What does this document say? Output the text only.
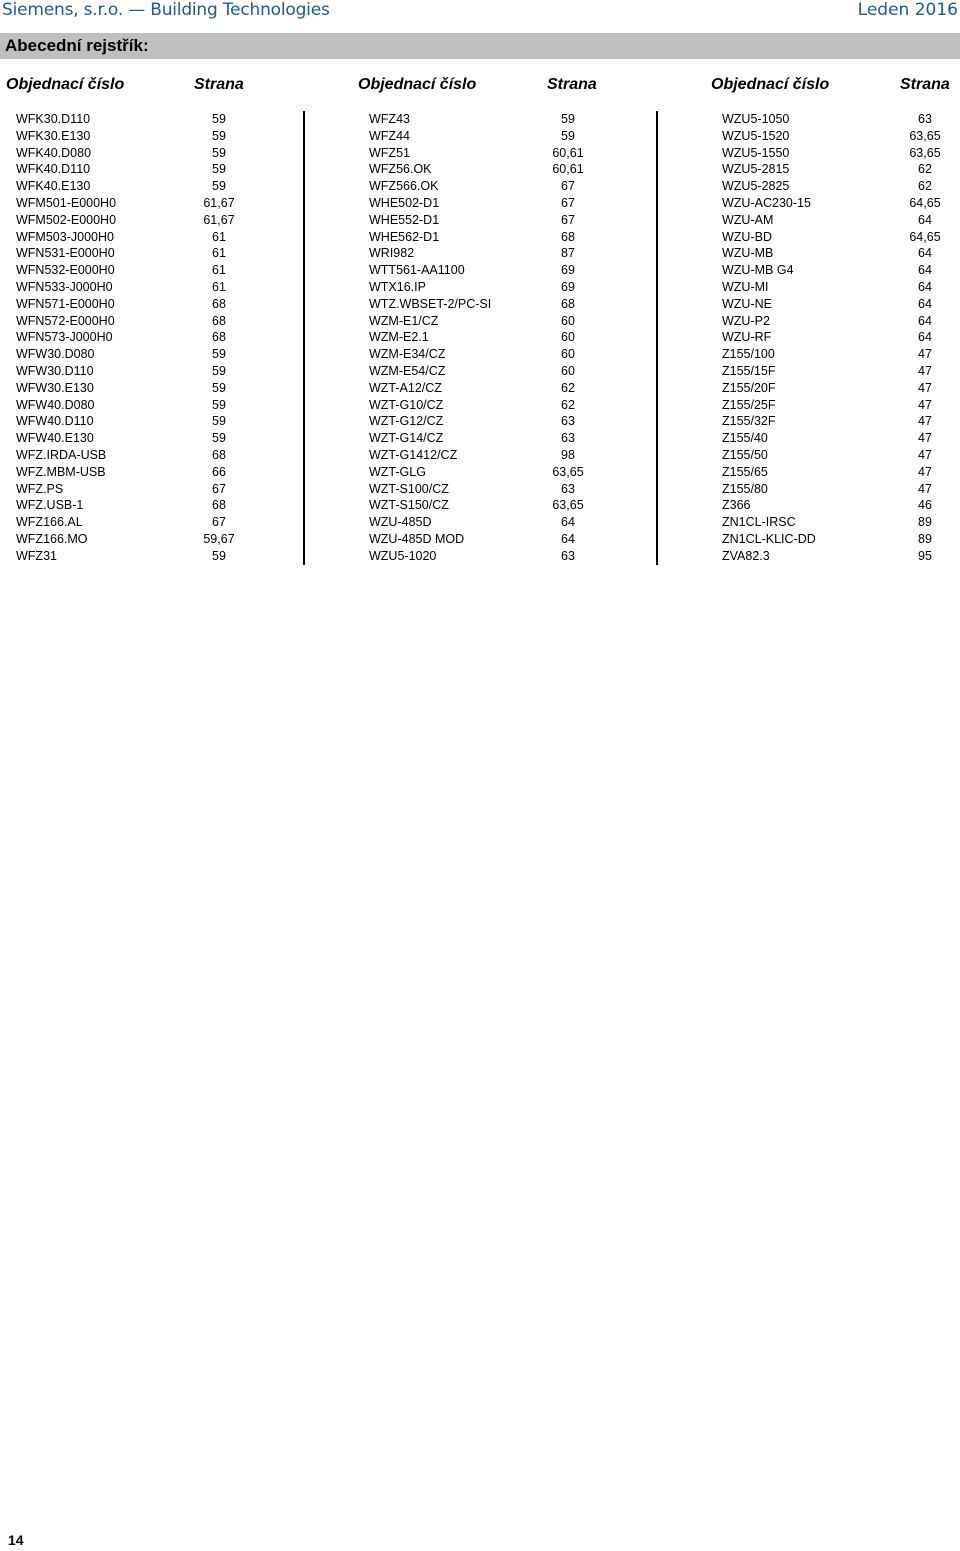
Siemens, s.r.o. — Building Technologies	Leden 2016
Abecední rejstřík:
Objednací číslo	Strana	Objednací číslo	Strana	Objednací číslo	Strana
WFK30.D110	59
WFK30.E130	59
WFK40.D080	59
WFK40.D110	59
WFK40.E130	59
WFM501-E000H0	61,67
WFM502-E000H0	61,67
WFM503-J000H0	61
WFN531-E000H0	61
WFN532-E000H0	61
WFN533-J000H0	61
WFN571-E000H0	68
WFN572-E000H0	68
WFN573-J000H0	68
WFW30.D080	59
WFW30.D110	59
WFW30.E130	59
WFW40.D080	59
WFW40.D110	59
WFW40.E130	59
WFZ.IRDA-USB	68
WFZ.MBM-USB	66
WFZ.PS	67
WFZ.USB-1	68
WFZ166.AL	67
WFZ166.MO	59,67
WFZ31	59
WFZ43	59
WFZ44	59
WFZ51	60,61
WFZ56.OK	60,61
WFZ566.OK	67
WHE502-D1	67
WHE552-D1	67
WHE562-D1	68
WRI982	87
WTT561-AA1100	69
WTX16.IP	69
WTZ.WBSET-2/PC-SI	68
WZM-E1/CZ	60
WZM-E2.1	60
WZM-E34/CZ	60
WZM-E54/CZ	60
WZT-A12/CZ	62
WZT-G10/CZ	62
WZT-G12/CZ	63
WZT-G14/CZ	63
WZT-G1412/CZ	98
WZT-GLG	63,65
WZT-S100/CZ	63
WZT-S150/CZ	63,65
WZU-485D	64
WZU-485D MOD	64
WZU5-1020	63
WZU5-1050	63
WZU5-1520	63,65
WZU5-1550	63,65
WZU5-2815	62
WZU5-2825	62
WZU-AC230-15	64,65
WZU-AM	64
WZU-BD	64,65
WZU-MB	64
WZU-MB G4	64
WZU-MI	64
WZU-NE	64
WZU-P2	64
WZU-RF	64
Z155/100	47
Z155/15F	47
Z155/20F	47
Z155/25F	47
Z155/32F	47
Z155/40	47
Z155/50	47
Z155/65	47
Z155/80	47
Z366	46
ZN1CL-IRSC	89
ZN1CL-KLIC-DD	89
ZVA82.3	95
14
